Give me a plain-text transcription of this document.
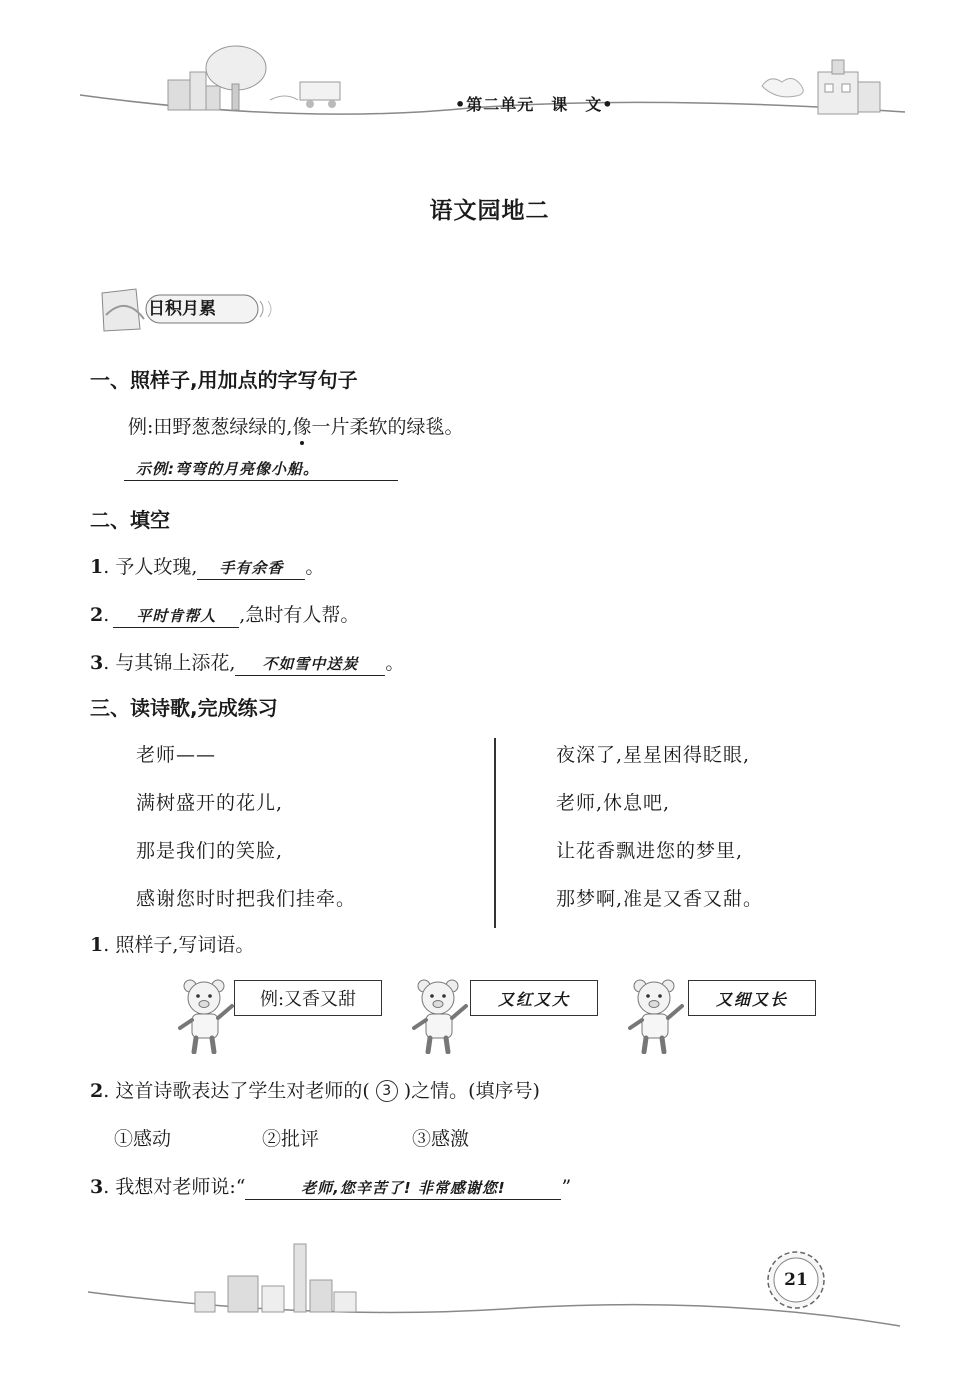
•第二单元　课　文•
语文园地二
日积月累
一、照样子,用加点的字写句子
例:田野葱葱绿绿的,像一片柔软的绿毯。
示例:弯弯的月亮像小船。
二、填空
1. 予人玫瑰, 手有余香 。
2. 平时肯帮人 ,急时有人帮。
3. 与其锦上添花, 不如雪中送炭 。
三、读诗歌,完成练习
老师——
满树盛开的花儿,
那是我们的笑脸,
感谢您时时把我们挂牵。
夜深了,星星困得眨眼,
老师,休息吧,
让花香飘进您的梦里,
那梦啊,准是又香又甜。
1. 照样子,写词语。
例:又香又甜	又红又大	又细又长
2. 这首诗歌表达了学生对老师的( 3 )之情。(填序号)
①感动	②批评	③感激
3. 我想对老师说:“	老师,您辛苦了! 非常感谢您!	”
21
